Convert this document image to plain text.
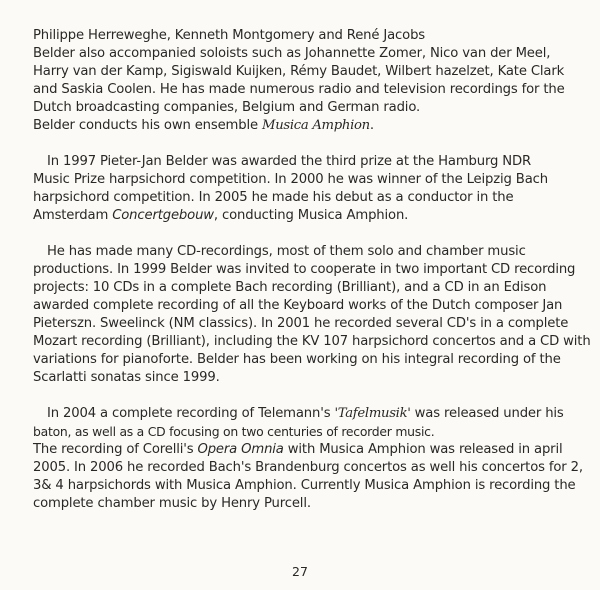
Philippe Herreweghe, Kenneth Montgomery and René Jacobs
Belder also accompanied soloists such as Johannette Zomer, Nico van der Meel,
Harry van der Kamp, Sigiswald Kuijken, Rémy Baudet, Wilbert hazelzet, Kate Clark
and Saskia Coolen. He has made numerous radio and television recordings for the
Dutch broadcasting companies, Belgium and German radio.
Belder conducts his own ensemble Musica Amphion.

In 1997 Pieter-Jan Belder was awarded the third prize at the Hamburg NDR
Music Prize harpsichord competition. In 2000 he was winner of the Leipzig Bach
harpsichord competition. In 2005 he made his debut as a conductor in the
Amsterdam Concertgebouw, conducting Musica Amphion.

He has made many CD-recordings, most of them solo and chamber music
productions. In 1999 Belder was invited to cooperate in two important CD recording
projects: 10 CDs in a complete Bach recording (Brilliant), and a CD in an Edison
awarded complete recording of all the Keyboard works of the Dutch composer Jan
Pieterszn. Sweelinck (NM classics). In 2001 he recorded several CD's in a complete
Mozart recording (Brilliant), including the KV 107 harpsichord concertos and a CD with
variations for pianoforte. Belder has been working on his integral recording of the
Scarlatti sonatas since 1999.

In 2004 a complete recording of Telemann's 'Tafelmusik' was released under his
baton, as well as a CD focusing on two centuries of recorder music.
The recording of Corelli's Opera Omnia with Musica Amphion was released in april
2005. In 2006 he recorded Bach's Brandenburg concertos as well his concertos for 2,
3& 4 harpsichords with Musica Amphion. Currently Musica Amphion is recording the
complete chamber music by Henry Purcell.

27
